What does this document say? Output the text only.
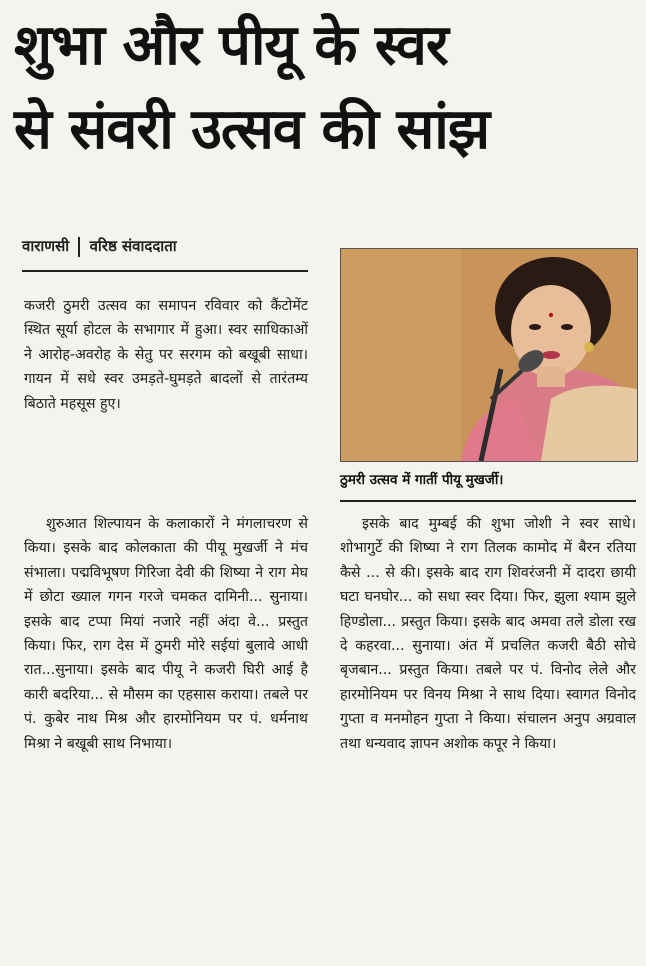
शुभा और पीयू के स्वर
से संवरी उत्सव की सांझ
वाराणसी वरिष्ठ संवाददाता
ठुमरी उत्सव में गातीं पीयू मुखर्जी।

कजरी ठुमरी उत्सव का समापन रविवार को कैंटोमेंट स्थित सूर्या होटल के सभागार में हुआ। स्वर साधिकाओं ने आरोह-अवरोह के सेतु पर सरगम को बखूबी साधा। गायन में सधे स्वर उमड़ते-घुमड़ते बादलों से तारंतम्य बिठाते महसूस हुए।

शुरुआत शिल्पायन के कलाकारों ने मंगलाचरण से किया। इसके बाद कोलकाता की पीयू मुखर्जी ने मंच संभाला। पद्मविभूषण गिरिजा देवी की शिष्या ने राग मेघ में छोटा ख्याल गगन गरजे चमकत दामिनी... सुनाया। इसके बाद टप्पा मियां नजारे नहीं अंदा वे... प्रस्तुत किया। फिर, राग देस में ठुमरी मोरे सईयां बुलावे आधी रात...सुनाया। इसके बाद पीयू ने कजरी घिरी आई है कारी बदरिया... से मौसम का एहसास कराया। तबले पर पं. कुबेर नाथ मिश्र और हारमोनियम पर पं. धर्मनाथ मिश्रा ने बखूबी साथ निभाया।

इसके बाद मुम्बई की शुभा जोशी ने स्वर साधे। शोभागुर्टे की शिष्या ने राग तिलक कामोद में बैरन रतिया कैसे ... से की। इसके बाद राग शिवरंजनी में दादरा छायी घटा घनघोर... को सधा स्वर दिया। फिर, झुला श्याम झुले हिण्डोला... प्रस्तुत किया। इसके बाद अमवा तले डोला रख दे कहरवा... सुनाया। अंत में प्रचलित कजरी बैठी सोचे बृजबान... प्रस्तुत किया। तबले पर पं. विनोद लेले और हारमोनियम पर विनय मिश्रा ने साथ दिया। स्वागत विनोद गुप्ता व मनमोहन गुप्ता ने किया। संचालन अनुप अग्रवाल तथा धन्यवाद ज्ञापन अशोक कपूर ने किया।
